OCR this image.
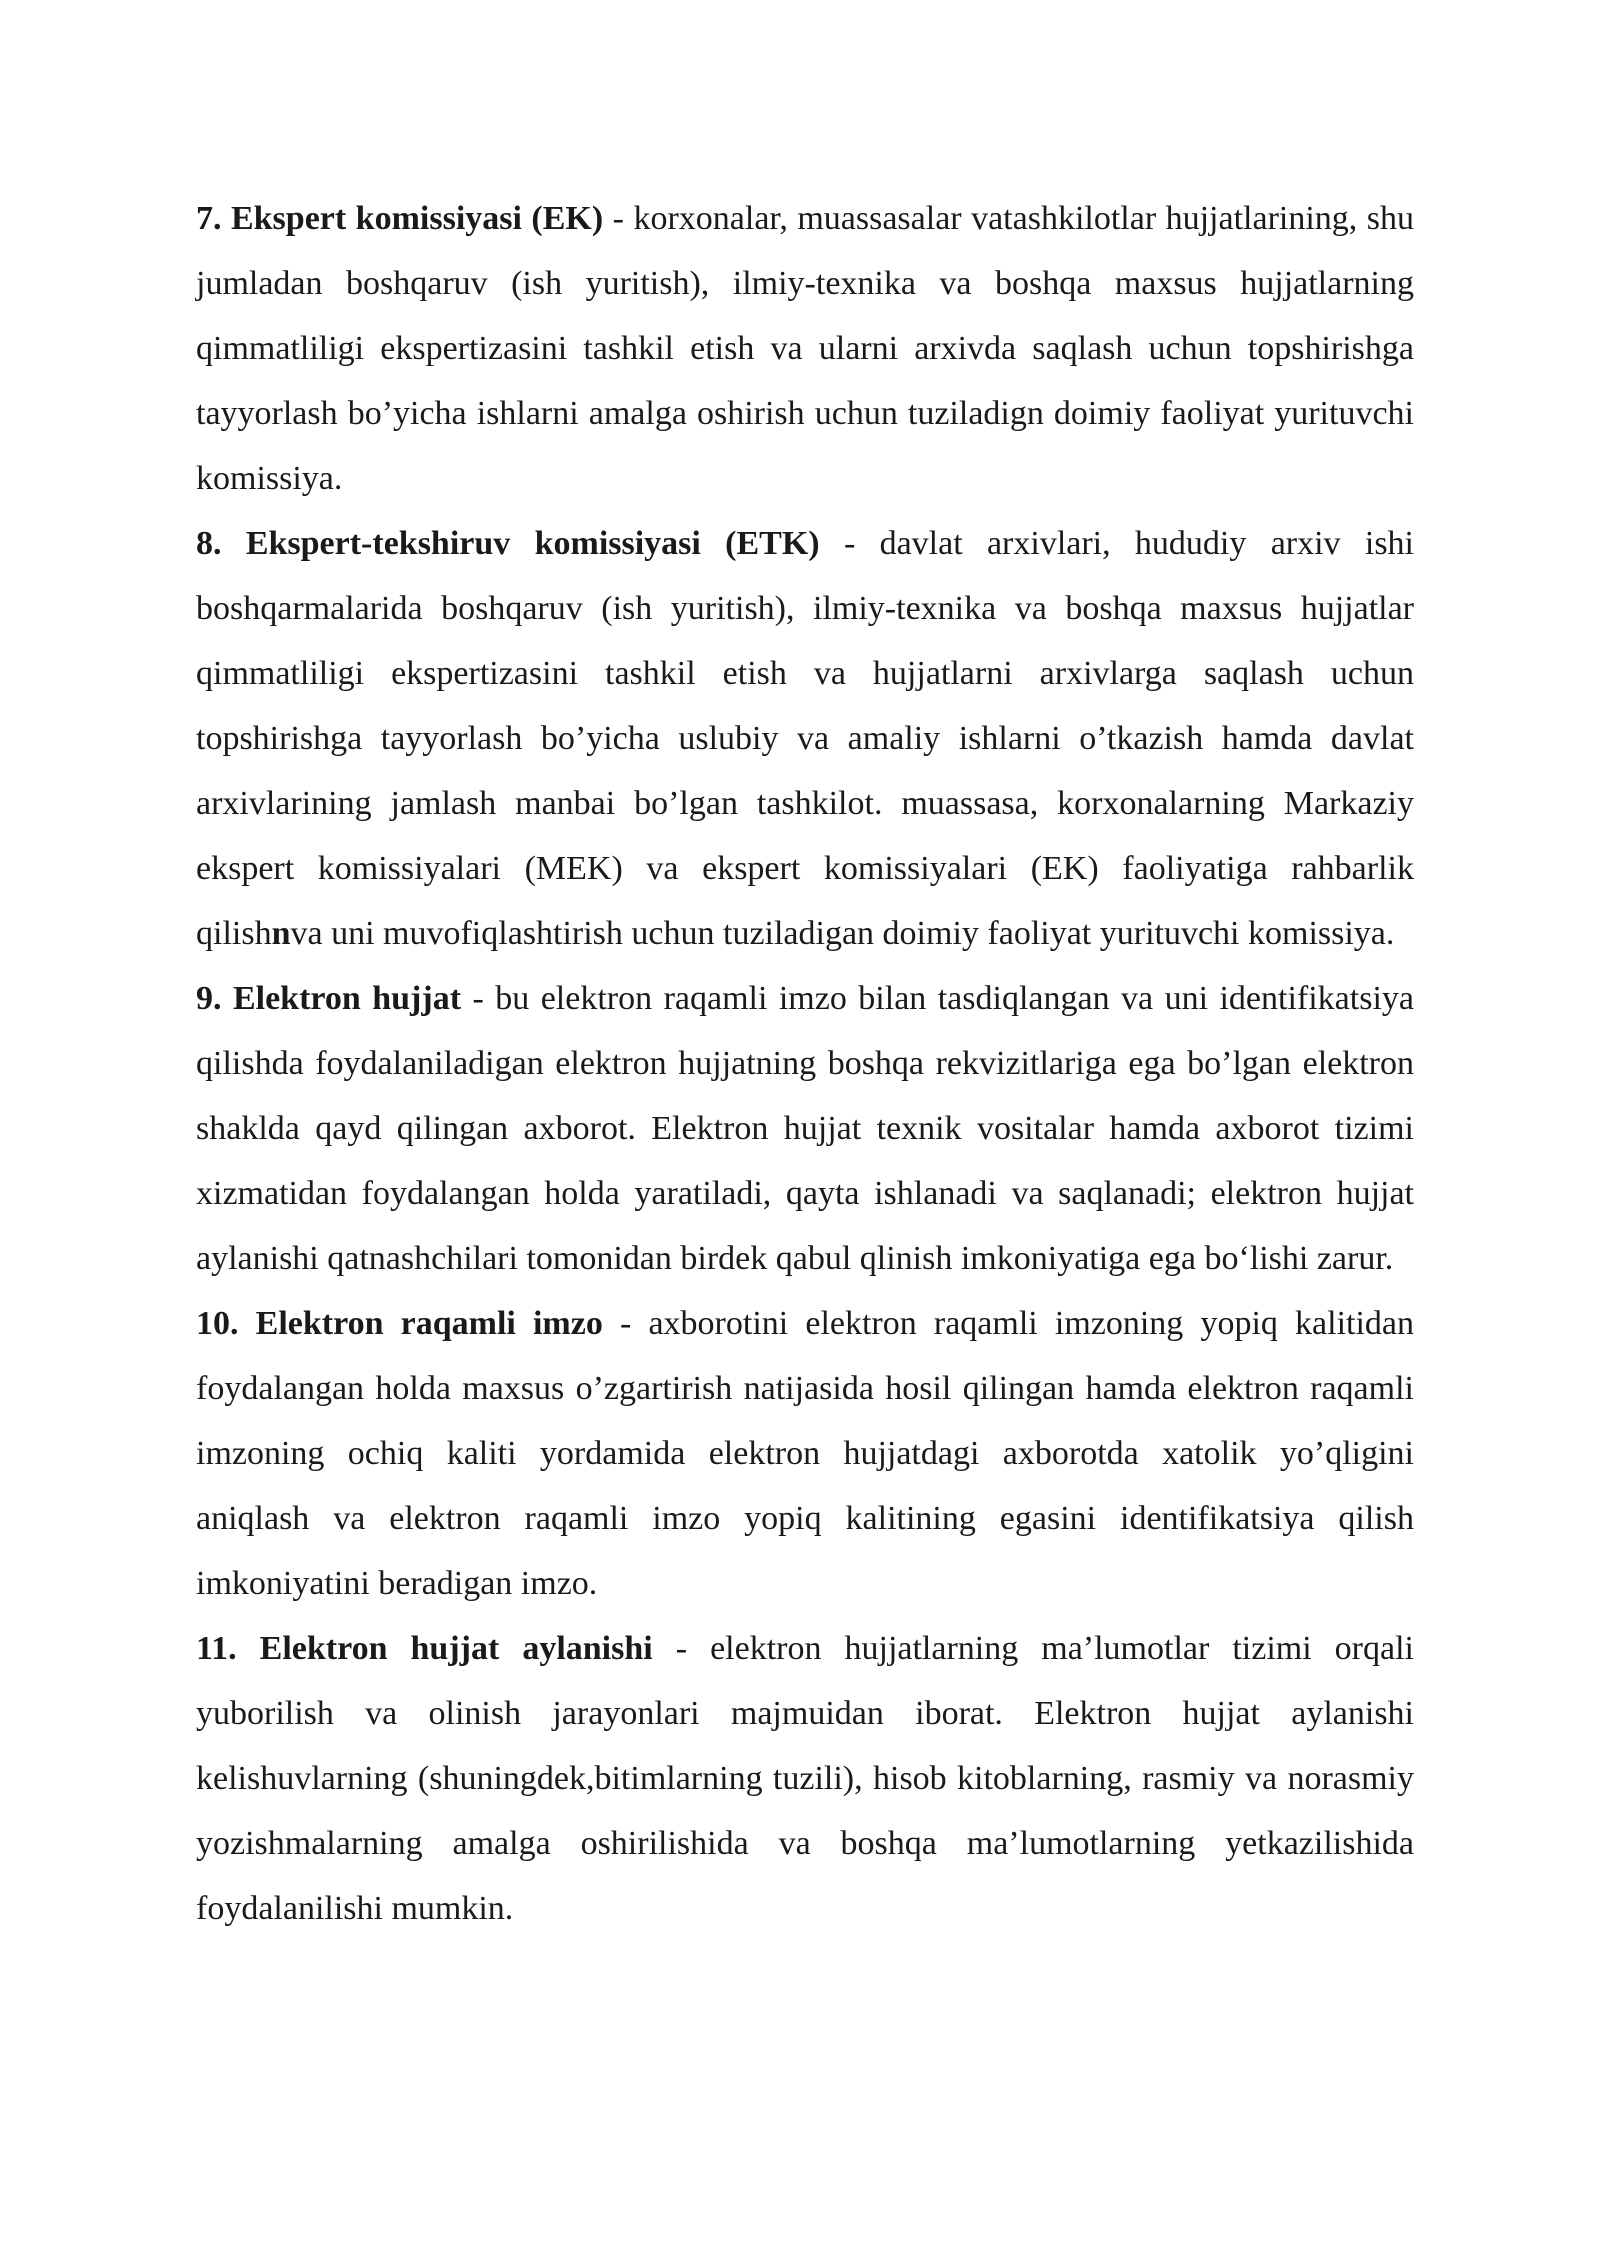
7. Ekspert komissiyasi (EK) - korxonalar, muassasalar vatashkilotlar hujjatlarining, shu jumladan boshqaruv (ish yuritish), ilmiy-texnika va boshqa maxsus hujjatlarning qimmatliligi ekspertizasini tashkil etish va ularni arxivda saqlash uchun topshirishga tayyorlash bo’yicha ishlarni amalga oshirish uchun tuziladign doimiy faoliyat yurituvchi komissiya.

8. Ekspert-tekshiruv komissiyasi (ETK) - davlat arxivlari, hududiy arxiv ishi boshqarmalarida boshqaruv (ish yuritish), ilmiy-texnika va boshqa maxsus hujjatlar qimmatliligi ekspertizasini tashkil etish va hujjatlarni arxivlarga saqlash uchun topshirishga tayyorlash bo’yicha uslubiy va amaliy ishlarni o’tkazish hamda davlat arxivlarining jamlash manbai bo’lgan tashkilot. muassasa, korxonalarning Markaziy ekspert komissiyalari (MEK) va ekspert komissiyalari (EK) faoliyatiga rahbarlik qilishnva uni muvofiqlashtirish uchun tuziladigan doimiy faoliyat yurituvchi komissiya.

9. Elektron hujjat - bu elektron raqamli imzo bilan tasdiqlangan va uni identifikatsiya qilishda foydalaniladigan elektron hujjatning boshqa rekvizitlariga ega bo’lgan elektron shaklda qayd qilingan axborot. Elektron hujjat texnik vositalar hamda axborot tizimi xizmatidan foydalangan holda yaratiladi, qayta ishlanadi va saqlanadi; elektron hujjat aylanishi qatnashchilari tomonidan birdek qabul qlinish imkoniyatiga ega bo‘lishi zarur.

10. Elektron raqamli imzo - axborotini elektron raqamli imzoning yopiq kalitidan foydalangan holda maxsus o’zgartirish natijasida hosil qilingan hamda elektron raqamli imzoning ochiq kaliti yordamida elektron hujjatdagi axborotda xatolik yo’qligini aniqlash va elektron raqamli imzo yopiq kalitining egasini identifikatsiya qilish imkoniyatini beradigan imzo.

11. Elektron hujjat aylanishi - elektron hujjatlarning ma’lumotlar tizimi orqali yuborilish va olinish jarayonlari majmuidan iborat. Elektron hujjat aylanishi kelishuvlarning (shuningdek,bitimlarning tuzili), hisob kitoblarning, rasmiy va norasmiy yozishmalarning amalga oshirilishida va boshqa ma’lumotlarning yetkazilishida foydalanilishi mumkin.
